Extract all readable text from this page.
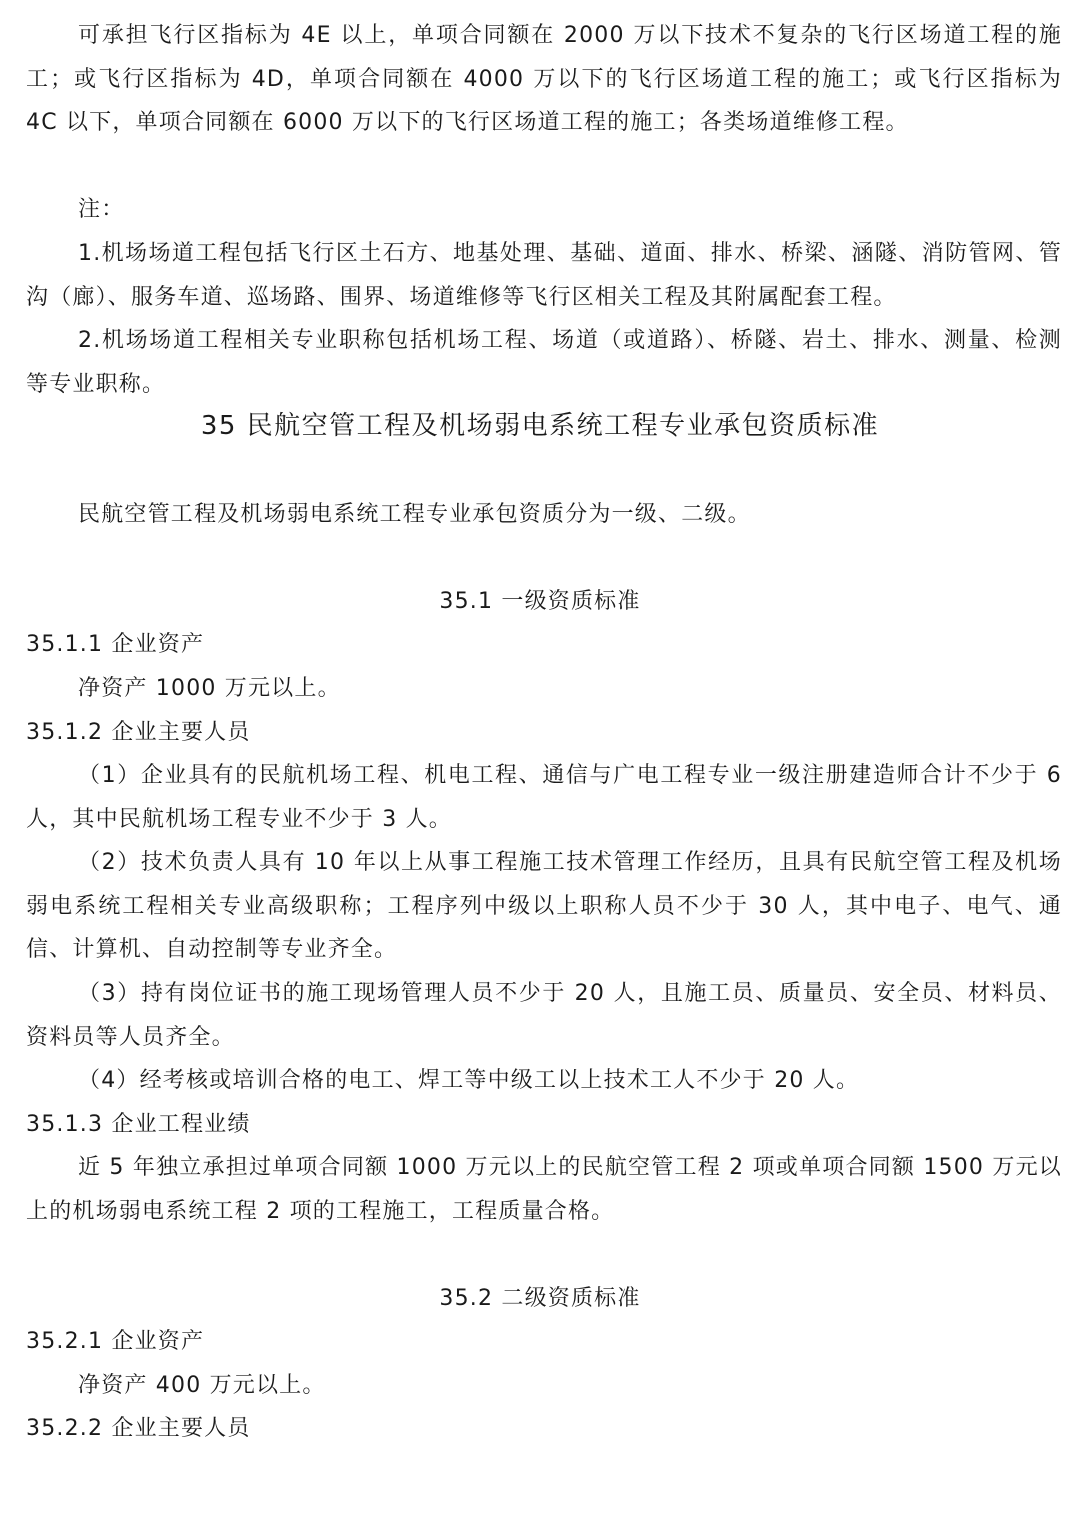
可承担飞行区指标为 4E 以上，单项合同额在 2000 万以下技术不复杂的飞行区场道工程的施工；或飞行区指标为 4D，单项合同额在 4000 万以下的飞行区场道工程的施工；或飞行区指标为 4C 以下，单项合同额在 6000 万以下的飞行区场道工程的施工；各类场道维修工程。

注：

1.机场场道工程包括飞行区土石方、地基处理、基础、道面、排水、桥梁、涵隧、消防管网、管沟（廊）、服务车道、巡场路、围界、场道维修等飞行区相关工程及其附属配套工程。

2.机场场道工程相关专业职称包括机场工程、场道（或道路）、桥隧、岩土、排水、测量、检测等专业职称。

35 民航空管工程及机场弱电系统工程专业承包资质标准

民航空管工程及机场弱电系统工程专业承包资质分为一级、二级。

35.1 一级资质标准

35.1.1 企业资产

净资产 1000 万元以上。

35.1.2 企业主要人员

（1）企业具有的民航机场工程、机电工程、通信与广电工程专业一级注册建造师合计不少于 6 人，其中民航机场工程专业不少于 3 人。

（2）技术负责人具有 10 年以上从事工程施工技术管理工作经历，且具有民航空管工程及机场弱电系统工程相关专业高级职称；工程序列中级以上职称人员不少于 30 人，其中电子、电气、通信、计算机、自动控制等专业齐全。

（3）持有岗位证书的施工现场管理人员不少于 20 人，且施工员、质量员、安全员、材料员、资料员等人员齐全。

（4）经考核或培训合格的电工、焊工等中级工以上技术工人不少于 20 人。

35.1.3 企业工程业绩

近 5 年独立承担过单项合同额 1000 万元以上的民航空管工程 2 项或单项合同额 1500 万元以上的机场弱电系统工程 2 项的工程施工，工程质量合格。

35.2 二级资质标准

35.2.1 企业资产

净资产 400 万元以上。

35.2.2 企业主要人员
